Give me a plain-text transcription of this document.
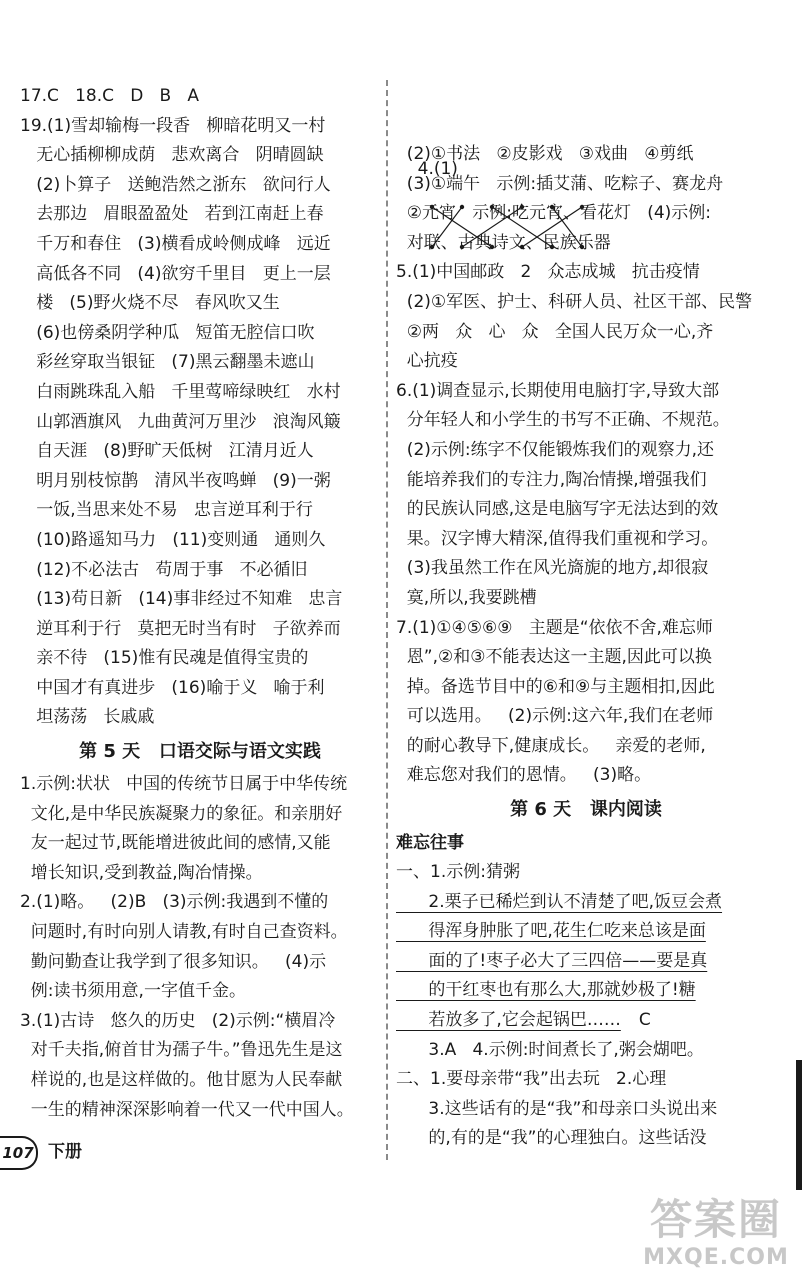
17.C   18.C   D   B   A
19.(1)雪却输梅一段香   柳暗花明又一村
无心插柳柳成荫   悲欢离合   阴晴圆缺
(2)卜算子   送鲍浩然之浙东   欲问行人
去那边   眉眼盈盈处   若到江南赶上春
千万和春住   (3)横看成岭侧成峰   远近
高低各不同   (4)欲穷千里目   更上一层
楼   (5)野火烧不尽   春风吹又生
(6)也傍桑阴学种瓜   短笛无腔信口吹
彩丝穿取当银钲   (7)黑云翻墨未遮山
白雨跳珠乱入船   千里莺啼绿映红   水村
山郭酒旗风   九曲黄河万里沙   浪淘风簸
自天涯   (8)野旷天低树   江清月近人
明月别枝惊鹊   清风半夜鸣蝉   (9)一粥
一饭,当思来处不易   忠言逆耳利于行
(10)路遥知马力   (11)变则通   通则久
(12)不必法古   苟周于事   不必循旧
(13)苟日新   (14)事非经过不知难   忠言
逆耳利于行   莫把无时当有时   子欲养而
亲不待   (15)惟有民魂是值得宝贵的
中国才有真进步   (16)喻于义   喻于利
坦荡荡   长戚戚
第 5 天   口语交际与语文实践
1.示例:状状   中国的传统节日属于中华传统
文化,是中华民族凝聚力的象征。和亲朋好
友一起过节,既能增进彼此间的感情,又能
增长知识,受到教益,陶冶情操。
2.(1)略。   (2)B   (3)示例:我遇到不懂的
问题时,有时向别人请教,有时自己查资料。
勤问勤查让我学到了很多知识。   (4)示
例:读书须用意,一字值千金。
3.(1)古诗   悠久的历史   (2)示例:“横眉冷
对千夫指,俯首甘为孺子牛。”鲁迅先生是这
样说的,也是这样做的。他甘愿为人民奉献
一生的精神深深影响着一代又一代中国人。

4.(1)

(2)①书法   ②皮影戏   ③戏曲   ④剪纸
(3)①端午   示例:插艾蒲、吃粽子、赛龙舟
②元宵   示例:吃元宵、看花灯   (4)示例:
对联、古典诗文、民族乐器
5.(1)中国邮政   2   众志成城   抗击疫情
(2)①军医、护士、科研人员、社区干部、民警
②两   众   心   众   全国人民万众一心,齐
心抗疫
6.(1)调查显示,长期使用电脑打字,导致大部
分年轻人和小学生的书写不正确、不规范。
(2)示例:练字不仅能锻炼我们的观察力,还
能培养我们的专注力,陶冶情操,增强我们
的民族认同感,这是电脑写字无法达到的效
果。汉字博大精深,值得我们重视和学习。
(3)我虽然工作在风光旖旎的地方,却很寂
寞,所以,我要跳槽
7.(1)①④⑤⑥⑨   主题是“依依不舍,难忘师
恩”,②和③不能表达这一主题,因此可以换
掉。备选节目中的⑥和⑨与主题相扣,因此
可以选用。   (2)示例:这六年,我们在老师
的耐心教导下,健康成长。   亲爱的老师,
难忘您对我们的恩情。   (3)略。
第 6 天   课内阅读
难忘往事
一、1.示例:猜粥
2.栗子已稀烂到认不清楚了吧,饭豆会煮
得浑身肿胀了吧,花生仁吃来总该是面
面的了!枣子必大了三四倍——要是真
的干红枣也有那么大,那就妙极了!糖
若放多了,它会起锅巴…… C
3.A   4.示例:时间煮长了,粥会煳吧。
二、1.要母亲带“我”出去玩   2.心理
3.这些话有的是“我”和母亲口头说出来
的,有的是“我”的心理独白。这些话没
107 下册
答案圈
MXQE.COM
